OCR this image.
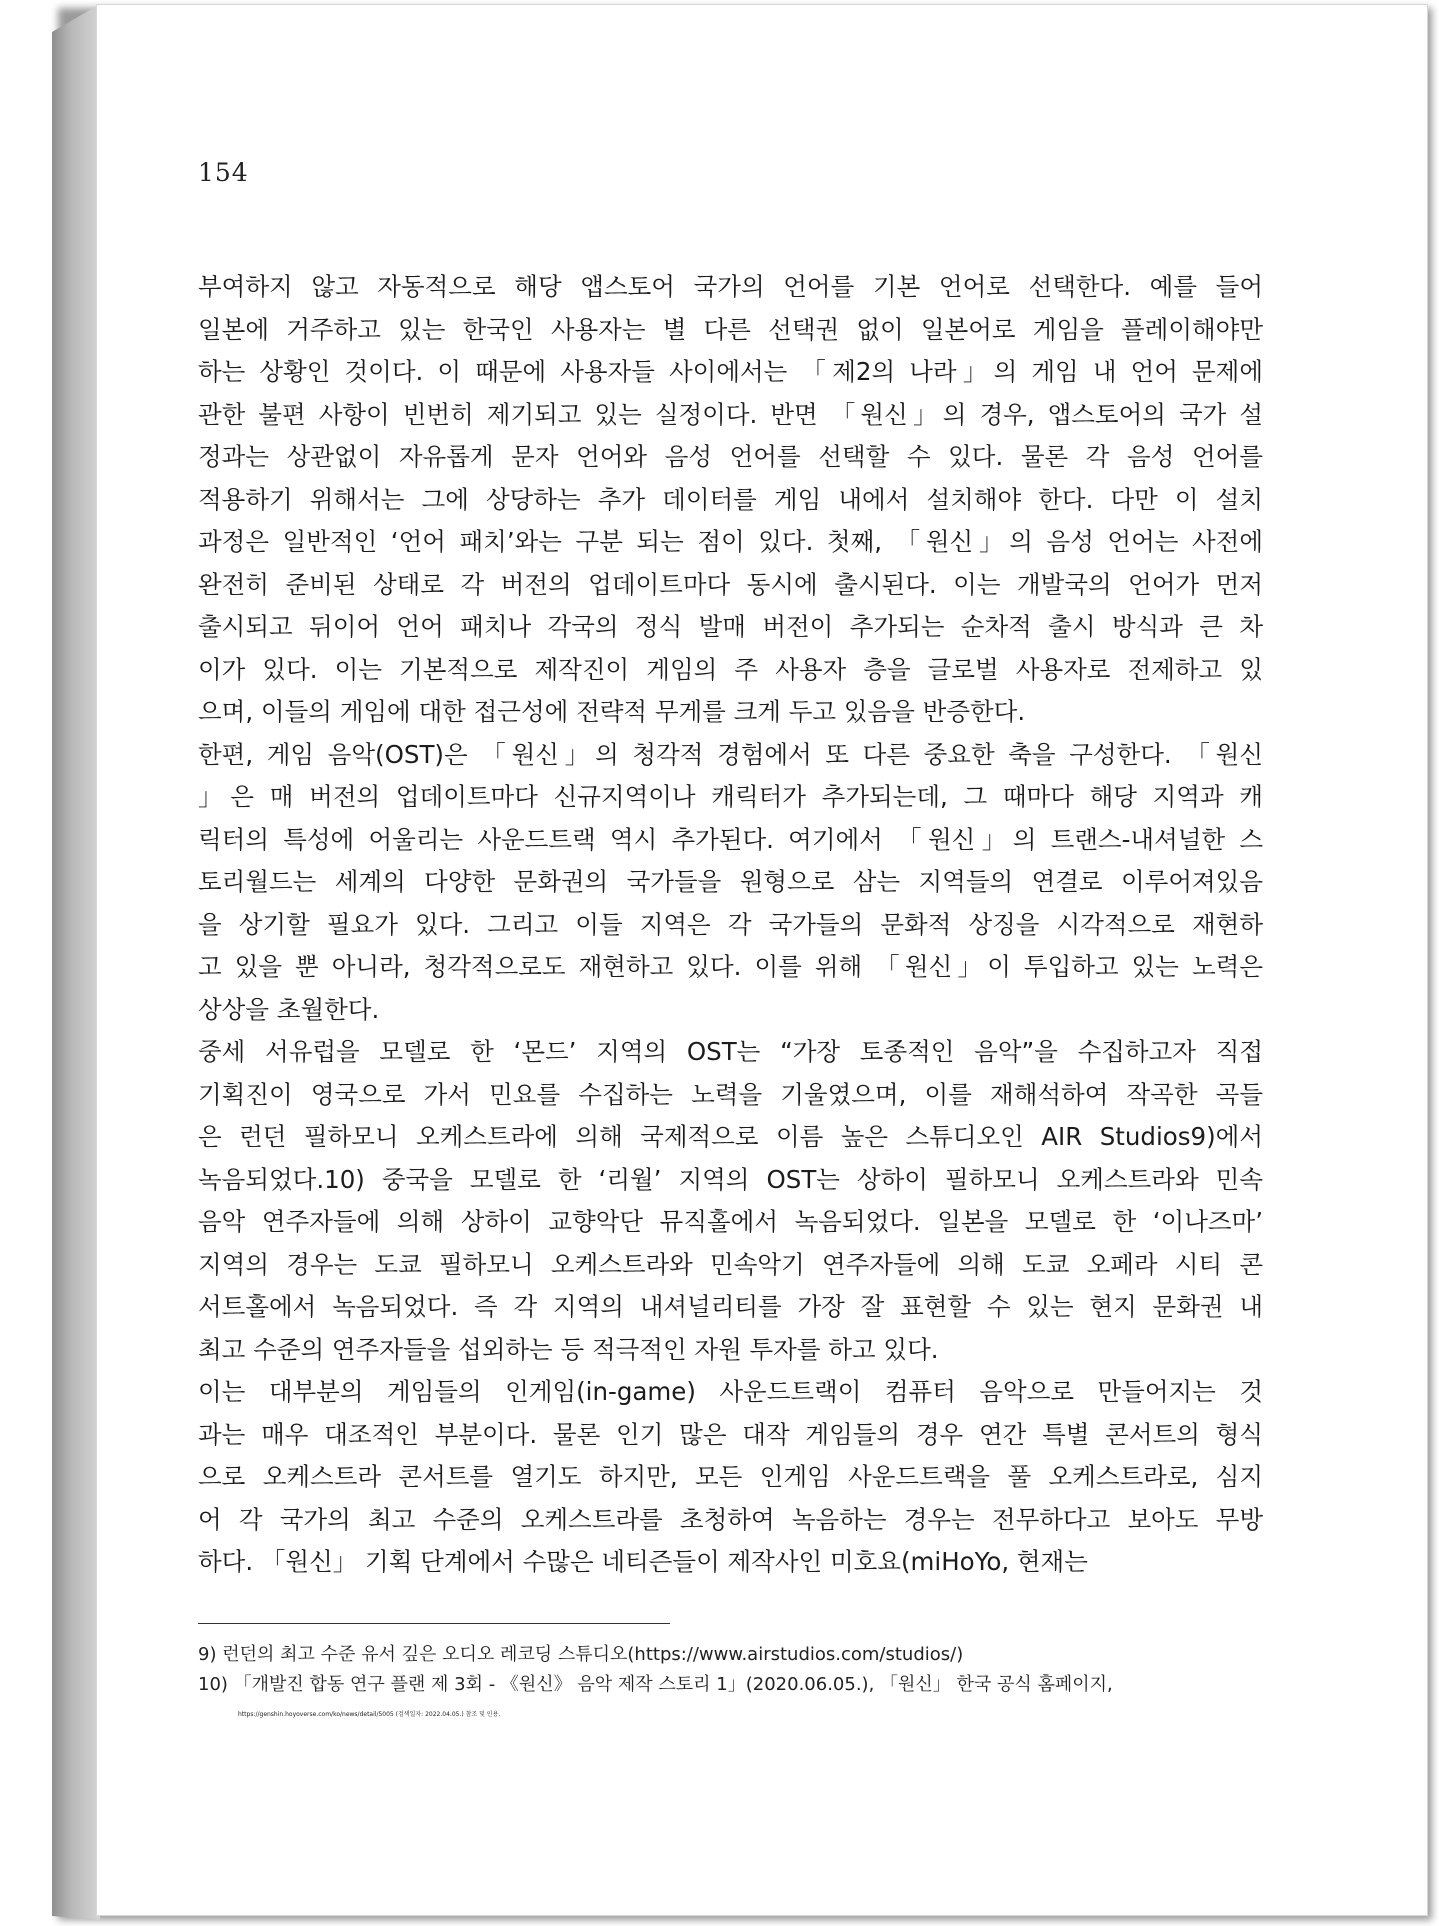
154
부여하지 않고 자동적으로 해당 앱스토어 국가의 언어를 기본 언어로 선택한다. 예를 들어
일본에 거주하고 있는 한국인 사용자는 별 다른 선택권 없이 일본어로 게임을 플레이해야만
하는 상황인 것이다. 이 때문에 사용자들 사이에서는 「제2의 나라」의 게임 내 언어 문제에
관한 불편 사항이 빈번히 제기되고 있는 실정이다. 반면 「원신」의 경우, 앱스토어의 국가 설
정과는 상관없이 자유롭게 문자 언어와 음성 언어를 선택할 수 있다. 물론 각 음성 언어를
적용하기 위해서는 그에 상당하는 추가 데이터를 게임 내에서 설치해야 한다. 다만 이 설치
과정은 일반적인 ‘언어 패치’와는 구분 되는 점이 있다. 첫째, 「원신」의 음성 언어는 사전에
완전히 준비된 상태로 각 버전의 업데이트마다 동시에 출시된다. 이는 개발국의 언어가 먼저
출시되고 뒤이어 언어 패치나 각국의 정식 발매 버전이 추가되는 순차적 출시 방식과 큰 차
이가 있다. 이는 기본적으로 제작진이 게임의 주 사용자 층을 글로벌 사용자로 전제하고 있
으며, 이들의 게임에 대한 접근성에 전략적 무게를 크게 두고 있음을 반증한다.
한편, 게임 음악(OST)은 「원신」의 청각적 경험에서 또 다른 중요한 축을 구성한다. 「원신
」은 매 버전의 업데이트마다 신규지역이나 캐릭터가 추가되는데, 그 때마다 해당 지역과 캐
릭터의 특성에 어울리는 사운드트랙 역시 추가된다. 여기에서 「원신」의 트랜스-내셔널한 스
토리월드는 세계의 다양한 문화권의 국가들을 원형으로 삼는 지역들의 연결로 이루어져있음
을 상기할 필요가 있다. 그리고 이들 지역은 각 국가들의 문화적 상징을 시각적으로 재현하
고 있을 뿐 아니라, 청각적으로도 재현하고 있다. 이를 위해 「원신」이 투입하고 있는 노력은
상상을 초월한다.
중세 서유럽을 모델로 한 ‘몬드’ 지역의 OST는 “가장 토종적인 음악”을 수집하고자 직접
기획진이 영국으로 가서 민요를 수집하는 노력을 기울였으며, 이를 재해석하여 작곡한 곡들
은 런던 필하모니 오케스트라에 의해 국제적으로 이름 높은 스튜디오인 AIR Studios9)에서
녹음되었다.10) 중국을 모델로 한 ‘리월’ 지역의 OST는 상하이 필하모니 오케스트라와 민속
음악 연주자들에 의해 상하이 교향악단 뮤직홀에서 녹음되었다. 일본을 모델로 한 ‘이나즈마’
지역의 경우는 도쿄 필하모니 오케스트라와 민속악기 연주자들에 의해 도쿄 오페라 시티 콘
서트홀에서 녹음되었다. 즉 각 지역의 내셔널리티를 가장 잘 표현할 수 있는 현지 문화권 내
최고 수준의 연주자들을 섭외하는 등 적극적인 자원 투자를 하고 있다.
이는 대부분의 게임들의 인게임(in-game) 사운드트랙이 컴퓨터 음악으로 만들어지는 것
과는 매우 대조적인 부분이다. 물론 인기 많은 대작 게임들의 경우 연간 특별 콘서트의 형식
으로 오케스트라 콘서트를 열기도 하지만, 모든 인게임 사운드트랙을 풀 오케스트라로, 심지
어 각 국가의 최고 수준의 오케스트라를 초청하여 녹음하는 경우는 전무하다고 보아도 무방
하다. 「원신」 기획 단계에서 수많은 네티즌들이 제작사인 미호요(miHoYo, 현재는
9) 런던의 최고 수준 유서 깊은 오디오 레코딩 스튜디오(https://www.airstudios.com/studios/)
10) 「개발진 합동 연구 플랜 제 3회 - 《원신》 음악 제작 스토리 1」(2020.06.05.), 「원신」 한국 공식 홈페이지,
https://genshin.hoyoverse.com/ko/news/detail/5005 (검색일자: 2022.04.05.) 참조 및 인용.
